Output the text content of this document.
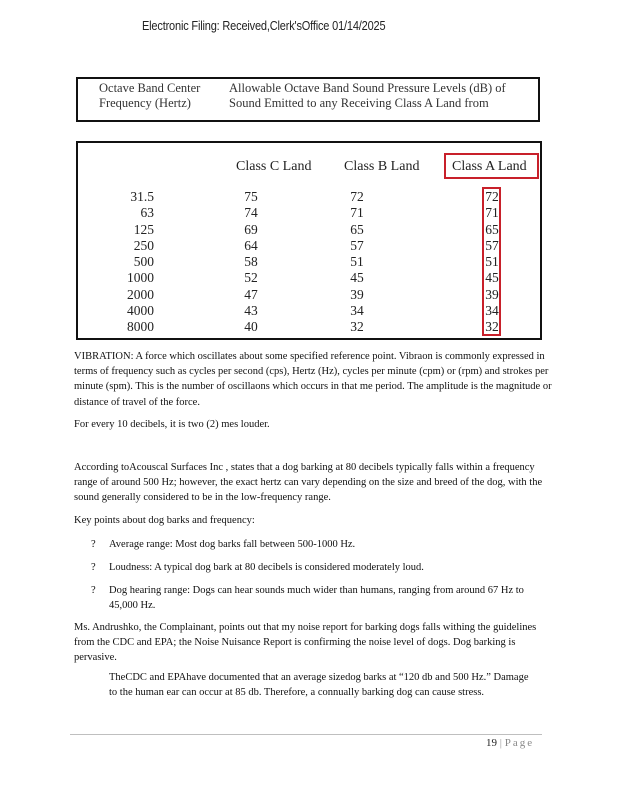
Electronic Filing: Received,Clerk'sOffice 01/14/2025
Octave Band Center Frequency (Hertz)
Allowable Octave Band Sound Pressure Levels (dB) of Sound Emitted to any Receiving Class A Land from
Class C Land Class B Land Class A Land
31.5
63
125
250
500
1000
2000
4000
8000
75
74
69
64
58
52
47
43
40
72
71
65
57
51
45
39
34
32
72
71
65
57
51
45
39
34
32
VIBRATION: A force which oscillates about some specified reference point. Vibraon is commonly expressed in terms of frequency such as cycles per second (cps), Hertz (Hz), cycles per minute (cpm) or (rpm) and strokes per minute (spm). This is the number of oscillaons which occurs in that me period. The amplitude is the magnitude or distance of travel of the force.
For every 10 decibels, it is two (2) mes louder.
According toAcouscal Surfaces Inc , states that a dog barking at 80 decibels typically falls within a frequency range of around 500 Hz; however, the exact hertz can vary depending on the size and breed of the dog, with the sound generally considered to be in the low-frequency range.
Key points about dog barks and frequency:
? Average range: Most dog barks fall between 500-1000 Hz.
? Loudness: A typical dog bark at 80 decibels is considered moderately loud.
? Dog hearing range: Dogs can hear sounds much wider than humans, ranging from around 67 Hz to 45,000 Hz.
Ms. Andrushko, the Complainant, points out that my noise report for barking dogs falls withing the guidelines from the CDC and EPA; the Noise Nuisance Report is confirming the noise level of dogs. Dog barking is pervasive.
TheCDC and EPAhave documented that an average sizedog barks at “120 db and 500 Hz.” Damage to the human ear can occur at 85 db. Therefore, a connually barking dog can cause stress.
19 | Page
